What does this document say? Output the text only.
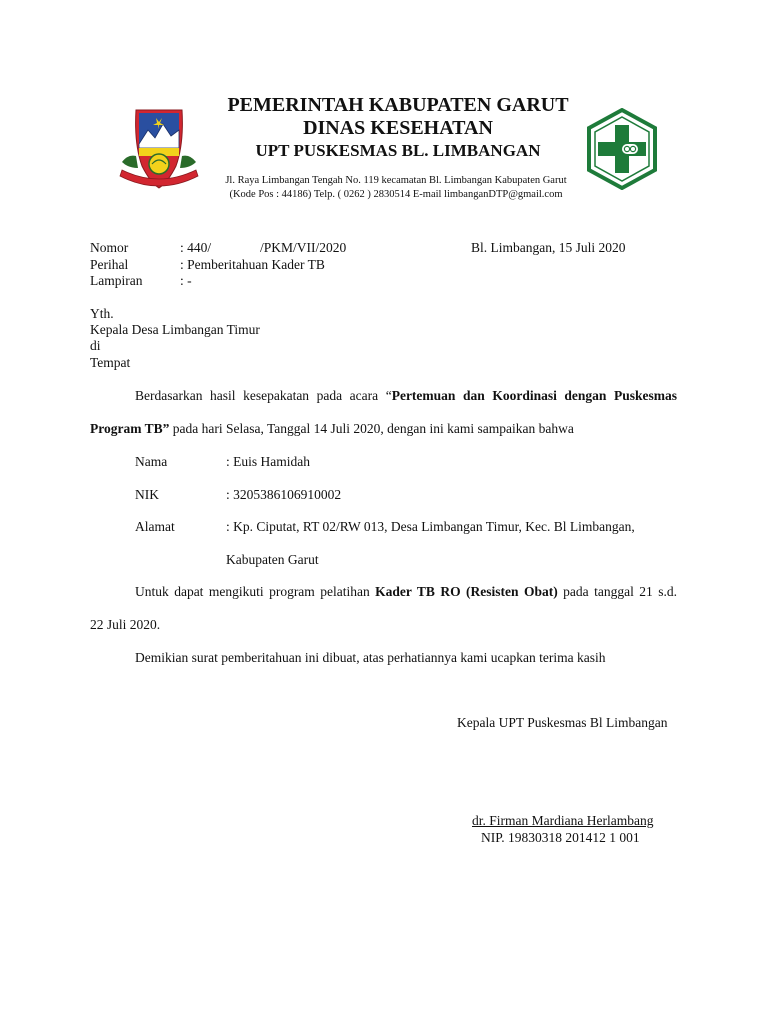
PEMERINTAH KABUPATEN GARUT
DINAS KESEHATAN
UPT PUSKESMAS BL. LIMBANGAN
Jl. Raya Limbangan Tengah No. 119 kecamatan Bl. Limbangan Kabupaten Garut
(Kode Pos : 44186) Telp. ( 0262 ) 2830514 E-mail limbanganDTP@gmail.com
Nomor	: 440/	/PKM/VII/2020	Bl. Limbangan, 15 Juli 2020
Perihal	: Pemberitahuan Kader TB
Lampiran	: -
Yth.
Kepala Desa Limbangan Timur
di
Tempat
Berdasarkan hasil kesepakatan pada acara “Pertemuan dan Koordinasi dengan Puskesmas
Program TB” pada hari Selasa, Tanggal 14 Juli 2020, dengan ini kami sampaikan bahwa
Nama	: Euis Hamidah
NIK	: 3205386106910002
Alamat	: Kp. Ciputat, RT 02/RW 013, Desa Limbangan Timur, Kec. Bl Limbangan,
Kabupaten Garut
Untuk dapat mengikuti program pelatihan Kader TB RO (Resisten Obat) pada tanggal 21 s.d.
22 Juli 2020.
Demikian surat pemberitahuan ini dibuat, atas perhatiannya kami ucapkan terima kasih
Kepala UPT Puskesmas Bl Limbangan
dr. Firman Mardiana Herlambang
NIP. 19830318 201412 1 001
